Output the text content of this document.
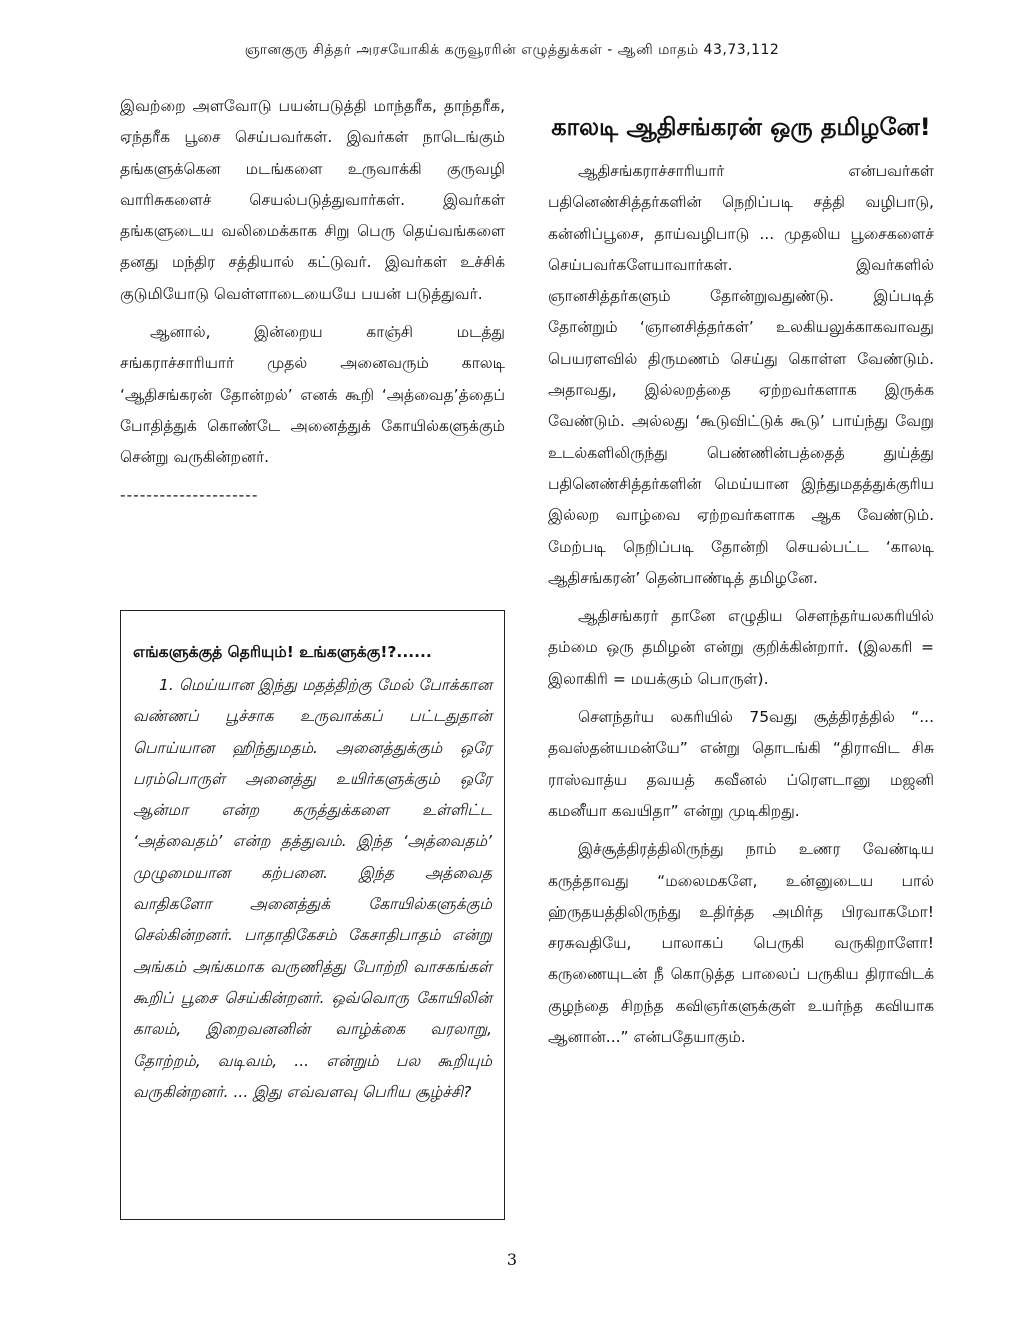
ஞானகுரு சித்தர் அரசயோகிக் கருவூரரின் எழுத்துக்கள் - ஆனி மாதம் 43,73,112

இவற்றை அளவோடு பயன்படுத்தி மாந்தரீக, தாந்தரீக, ஏந்தரீக பூசை செய்பவர்கள். இவர்கள் நாடெங்கும் தங்களுக்கென மடங்களை உருவாக்கி குருவழி வாரிசுகளைச் செயல்படுத்துவார்கள். இவர்கள் தங்களுடைய வலிமைக்காக சிறு பெரு தெய்வங்களை தனது மந்திர சத்தியால் கட்டுவர். இவர்கள் உச்சிக் குடுமியோடு வெள்ளாடையையே பயன் படுத்துவர்.

ஆனால், இன்றைய காஞ்சி மடத்து சங்கராச்சாரியார் முதல் அனைவரும் காலடி ‘ஆதிசங்கரன் தோன்றல்’ எனக் கூறி ‘அத்வைத’த்தைப் போதித்துக் கொண்டே அனைத்துக் கோயில்களுக்கும் சென்று வருகின்றனர்.

---------------------

எங்களுக்குத் தெரியும்! உங்களுக்கு!?......

1. மெய்யான இந்து மதத்திற்கு மேல் போக்கான வண்ணப் பூச்சாக உருவாக்கப் பட்டதுதான் பொய்யான ஹிந்துமதம். அனைத்துக்கும் ஒரே பரம்பொருள் அனைத்து உயிர்களுக்கும் ஒரே ஆன்மா என்ற கருத்துக்களை உள்ளிட்ட ‘அத்வைதம்’ என்ற தத்துவம். இந்த ‘அத்வைதம்’ முழுமையான கற்பனை. இந்த அத்வைத வாதிகளோ அனைத்துக் கோயில்களுக்கும் செல்கின்றனர். பாதாதிகேசம் கேசாதிபாதம் என்று அங்கம் அங்கமாக வருணித்து போற்றி வாசகங்கள் கூறிப் பூசை செய்கின்றனர். ஒவ்வொரு கோயிலின் காலம், இறைவனனின் வாழ்க்கை வரலாறு, தோற்றம், வடிவம், ... என்றும் பல கூறியும் வருகின்றனர். ... இது எவ்வளவு பெரிய சூழ்ச்சி?

காலடி ஆதிசங்கரன் ஒரு தமிழனே!

ஆதிசங்கராச்சாரியார் என்பவர்கள் பதினெண்சித்தர்களின் நெறிப்படி சத்தி வழிபாடு, கன்னிப்பூசை, தாய்வழிபாடு ... முதலிய பூசைகளைச் செய்பவர்களேயாவார்கள். இவர்களில் ஞானசித்தர்களும் தோன்றுவதுண்டு. இப்படித் தோன்றும் ‘ஞானசித்தர்கள்’ உலகியலுக்காகவாவது பெயரளவில் திருமணம் செய்து கொள்ள வேண்டும். அதாவது, இல்லறத்தை ஏற்றவர்களாக இருக்க வேண்டும். அல்லது ‘கூடுவிட்டுக் கூடு’ பாய்ந்து வேறு உடல்களிலிருந்து பெண்ணின்பத்தைத் துய்த்து பதினெண்சித்தர்களின் மெய்யான இந்துமதத்துக்குரிய இல்லற வாழ்வை ஏற்றவர்களாக ஆக வேண்டும். மேற்படி நெறிப்படி தோன்றி செயல்பட்ட ‘காலடி ஆதிசங்கரன்’ தென்பாண்டித் தமிழனே.

ஆதிசங்கரர் தானே எழுதிய சௌந்தர்யலகரியில் தம்மை ஒரு தமிழன் என்று குறிக்கின்றார். (இலகரி = இலாகிரி = மயக்கும் பொருள்).

சௌந்தர்ய லகரியில் 75வது சூத்திரத்தில் “... தவஸ்தன்யமன்யே” என்று தொடங்கி “திராவிட சிசு ராஸ்வாத்ய தவயத் கவீனல் ப்ரௌடானு மஜனி கமனீயா கவயிதா” என்று முடிகிறது.

இச்சூத்திரத்திலிருந்து நாம் உணர வேண்டிய கருத்தாவது “மலைமகளே, உன்னுடைய பால் ஹ்ருதயத்திலிருந்து உதிர்த்த அமிர்த பிரவாகமோ! சரசுவதியே, பாலாகப் பெருகி வருகிறாளோ! கருணையுடன் நீ கொடுத்த பாலைப் பருகிய திராவிடக் குழந்தை சிறந்த கவிஞர்களுக்குள் உயர்ந்த கவியாக ஆனான்...” என்பதேயாகும்.

3
